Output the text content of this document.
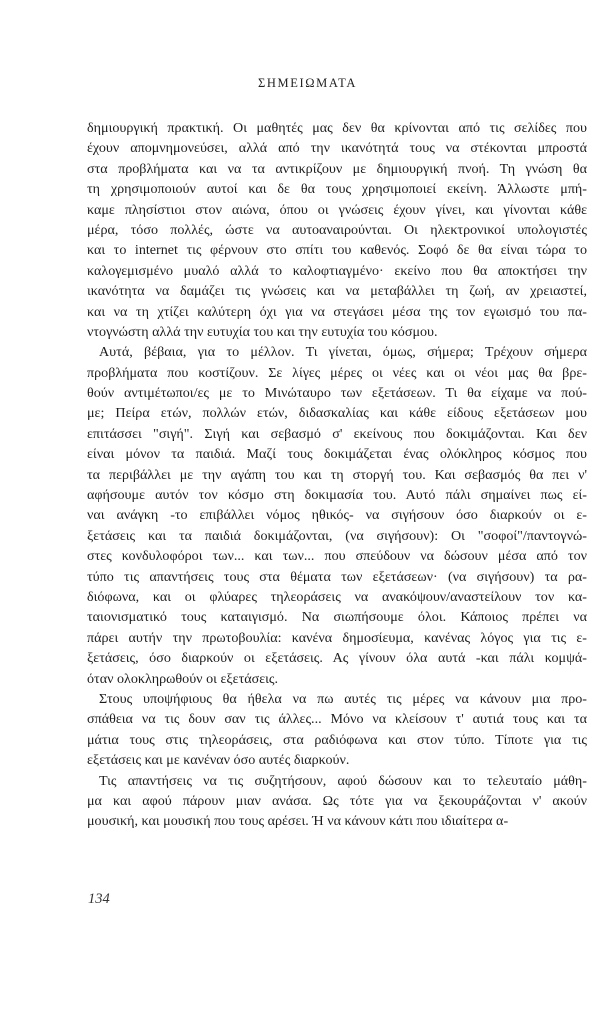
ΣΗΜΕΙΩΜΑΤΑ
δημιουργική πρακτική. Οι μαθητές μας δεν θα κρίνονται από τις σελίδες που
έχουν απομνημονεύσει, αλλά από την ικανότητά τους να στέκονται μπροστά
στα προβλήματα και να τα αντικρίζουν με δημιουργική πνοή. Τη γνώση θα
τη χρησιμοποιούν αυτοί και δε θα τους χρησιμοποιεί εκείνη. Άλλωστε μπή-
καμε πλησίστιοι στον αιώνα, όπου οι γνώσεις έχουν γίνει, και γίνονται κάθε
μέρα, τόσο πολλές, ώστε να αυτοαναιρούνται. Οι ηλεκτρονικοί υπολογιστές
και το internet τις φέρνουν στο σπίτι του καθενός. Σοφό δε θα είναι τώρα το
καλογεμισμένο μυαλό αλλά το καλοφτιαγμένο· εκείνο που θα αποκτήσει την
ικανότητα να δαμάζει τις γνώσεις και να μεταβάλλει τη ζωή, αν χρειαστεί,
και να τη χτίζει καλύτερη όχι για να στεγάσει μέσα της τον εγωισμό του πα-
ντογνώστη αλλά την ευτυχία του και την ευτυχία του κόσμου.
Αυτά, βέβαια, για το μέλλον. Τι γίνεται, όμως, σήμερα; Τρέχουν σήμερα
προβλήματα που κοστίζουν. Σε λίγες μέρες οι νέες και οι νέοι μας θα βρε-
θούν αντιμέτωποι/ες με το Μινώταυρο των εξετάσεων. Τι θα είχαμε να πού-
με; Πείρα ετών, πολλών ετών, διδασκαλίας και κάθε είδους εξετάσεων μου
επιτάσσει "σιγή". Σιγή και σεβασμό σ' εκείνους που δοκιμάζονται. Και δεν
είναι μόνον τα παιδιά. Μαζί τους δοκιμάζεται ένας ολόκληρος κόσμος που
τα περιβάλλει με την αγάπη του και τη στοργή του. Και σεβασμός θα πει ν'
αφήσουμε αυτόν τον κόσμο στη δοκιμασία του. Αυτό πάλι σημαίνει πως εί-
ναι ανάγκη -το επιβάλλει νόμος ηθικός- να σιγήσουν όσο διαρκούν οι ε-
ξετάσεις και τα παιδιά δοκιμάζονται, (να σιγήσουν): Οι "σοφοί"/παντογνώ-
στες κονδυλοφόροι των... και των... που σπεύδουν να δώσουν μέσα από τον
τύπο τις απαντήσεις τους στα θέματα των εξετάσεων· (να σιγήσουν) τα ρα-
διόφωνα, και οι φλύαρες τηλεοράσεις να ανακόψουν/αναστείλουν τον κα-
ταιονισματικό τους καταιγισμό. Να σιωπήσουμε όλοι. Κάποιος πρέπει να
πάρει αυτήν την πρωτοβουλία: κανένα δημοσίευμα, κανένας λόγος για τις ε-
ξετάσεις, όσο διαρκούν οι εξετάσεις. Ας γίνουν όλα αυτά -και πάλι κομψά-
όταν ολοκληρωθούν οι εξετάσεις.
Στους υποψήφιους θα ήθελα να πω αυτές τις μέρες να κάνουν μια προ-
σπάθεια να τις δουν σαν τις άλλες... Μόνο να κλείσουν τ' αυτιά τους και τα
μάτια τους στις τηλεοράσεις, στα ραδιόφωνα και στον τύπο. Τίποτε για τις
εξετάσεις και με κανέναν όσο αυτές διαρκούν.
Τις απαντήσεις να τις συζητήσουν, αφού δώσουν και το τελευταίο μάθη-
μα και αφού πάρουν μιαν ανάσα. Ως τότε για να ξεκουράζονται ν' ακούν
μουσική, και μουσική που τους αρέσει. Ή να κάνουν κάτι που ιδιαίτερα α-
134
